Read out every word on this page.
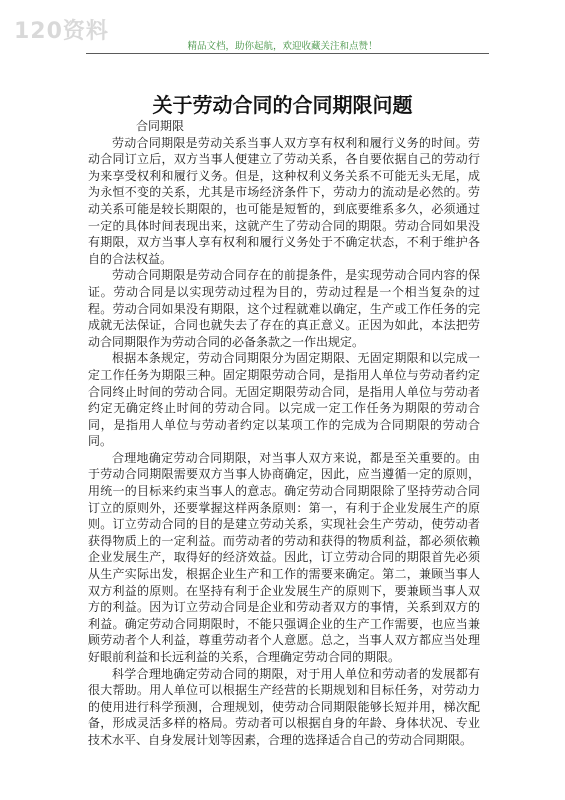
120资料
精品文档，助你起航，欢迎收藏关注和点赞！
关于劳动合同的合同期限问题

合同期限

劳动合同期限是劳动关系当事人双方享有权利和履行义务的时间。劳动合同订立后，双方当事人便建立了劳动关系，各自要依据自己的劳动行为来享受权利和履行义务。但是，这种权利义务关系不可能无头无尾，成为永恒不变的关系，尤其是市场经济条件下，劳动力的流动是必然的。劳动关系可能是较长期限的，也可能是短暂的，到底要维系多久，必须通过一定的具体时间表现出来，这就产生了劳动合同的期限。劳动合同如果没有期限，双方当事人享有权利和履行义务处于不确定状态，不利于维护各自的合法权益。

劳动合同期限是劳动合同存在的前提条件，是实现劳动合同内容的保证。劳动合同是以实现劳动过程为目的，劳动过程是一个相当复杂的过程。劳动合同如果没有期限，这个过程就难以确定，生产或工作任务的完成就无法保证，合同也就失去了存在的真正意义。正因为如此，本法把劳动合同期限作为劳动合同的必备条款之一作出规定。

根据本条规定，劳动合同期限分为固定期限、无固定期限和以完成一定工作任务为期限三种。固定期限劳动合同，是指用人单位与劳动者约定合同终止时间的劳动合同。无固定期限劳动合同，是指用人单位与劳动者约定无确定终止时间的劳动合同。以完成一定工作任务为期限的劳动合同，是指用人单位与劳动者约定以某项工作的完成为合同期限的劳动合同。

合理地确定劳动合同期限，对当事人双方来说，都是至关重要的。由于劳动合同期限需要双方当事人协商确定，因此，应当遵循一定的原则，用统一的目标来约束当事人的意志。确定劳动合同期限除了坚持劳动合同订立的原则外，还要掌握这样两条原则：第一，有利于企业发展生产的原则。订立劳动合同的目的是建立劳动关系，实现社会生产劳动，使劳动者获得物质上的一定利益。而劳动者的劳动和获得的物质利益，都必须依赖企业发展生产，取得好的经济效益。因此，订立劳动合同的期限首先必须从生产实际出发，根据企业生产和工作的需要来确定。第二，兼顾当事人双方利益的原则。在坚持有利于企业发展生产的原则下，要兼顾当事人双方的利益。因为订立劳动合同是企业和劳动者双方的事情，关系到双方的利益。确定劳动合同期限时，不能只强调企业的生产工作需要，也应当兼顾劳动者个人利益，尊重劳动者个人意愿。总之，当事人双方都应当处理好眼前利益和长远利益的关系，合理确定劳动合同的期限。

科学合理地确定劳动合同的期限，对于用人单位和劳动者的发展都有很大帮助。用人单位可以根据生产经营的长期规划和目标任务，对劳动力的使用进行科学预测，合理规划，使劳动合同期限能够长短并用，梯次配备，形成灵活多样的格局。劳动者可以根据自身的年龄、身体状况、专业技术水平、自身发展计划等因素，合理的选择适合自己的劳动合同期限。
